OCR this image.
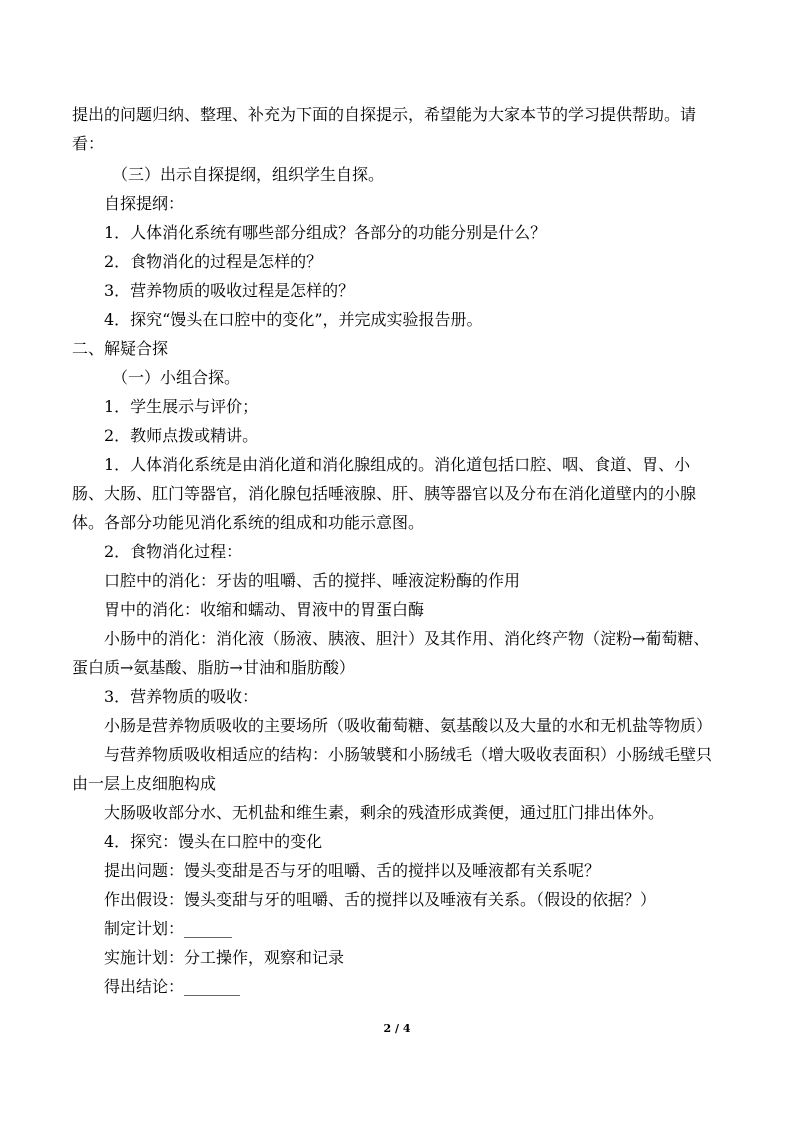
提出的问题归纳、整理、补充为下面的自探提示，希望能为大家本节的学习提供帮助。请看：

（三）出示自探提纲，组织学生自探。

自探提纲：

1．人体消化系统有哪些部分组成？各部分的功能分别是什么？

2．食物消化的过程是怎样的？

3．营养物质的吸收过程是怎样的？

4．探究“馒头在口腔中的变化”，并完成实验报告册。

二、解疑合探

（一）小组合探。

1．学生展示与评价；

2．教师点拨或精讲。

1．人体消化系统是由消化道和消化腺组成的。消化道包括口腔、咽、食道、胃、小肠、大肠、肛门等器官，消化腺包括唾液腺、肝、胰等器官以及分布在消化道壁内的小腺体。 各部分功能见消化系统的组成和功能示意图。

2．食物消化过程：

口腔中的消化：牙齿的咀嚼、舌的搅拌、唾液淀粉酶的作用

胃中的消化：收缩和蠕动、胃液中的胃蛋白酶

小肠中的消化：消化液（肠液、胰液、胆汁）及其作用、消化终产物（淀粉→葡萄糖、蛋白质→氨基酸、脂肪→甘油和脂肪酸）

3．营养物质的吸收：

小肠是营养物质吸收的主要场所（吸收葡萄糖、氨基酸以及大量的水和无机盐等物质）

与营养物质吸收相适应的结构：小肠皱襞和小肠绒毛（增大吸收表面积）小肠绒毛壁只由一层上皮细胞构成

大肠吸收部分水、无机盐和维生素，剩余的残渣形成粪便，通过肛门排出体外。

4．探究：馒头在口腔中的变化

提出问题：馒头变甜是否与牙的咀嚼、舌的搅拌以及唾液都有关系呢？

作出假设：馒头变甜与牙的咀嚼、舌的搅拌以及唾液有关系。（假设的依据？）

制定计划：______

实施计划：分工操作，观察和记录

得出结论：_______

2 / 4
